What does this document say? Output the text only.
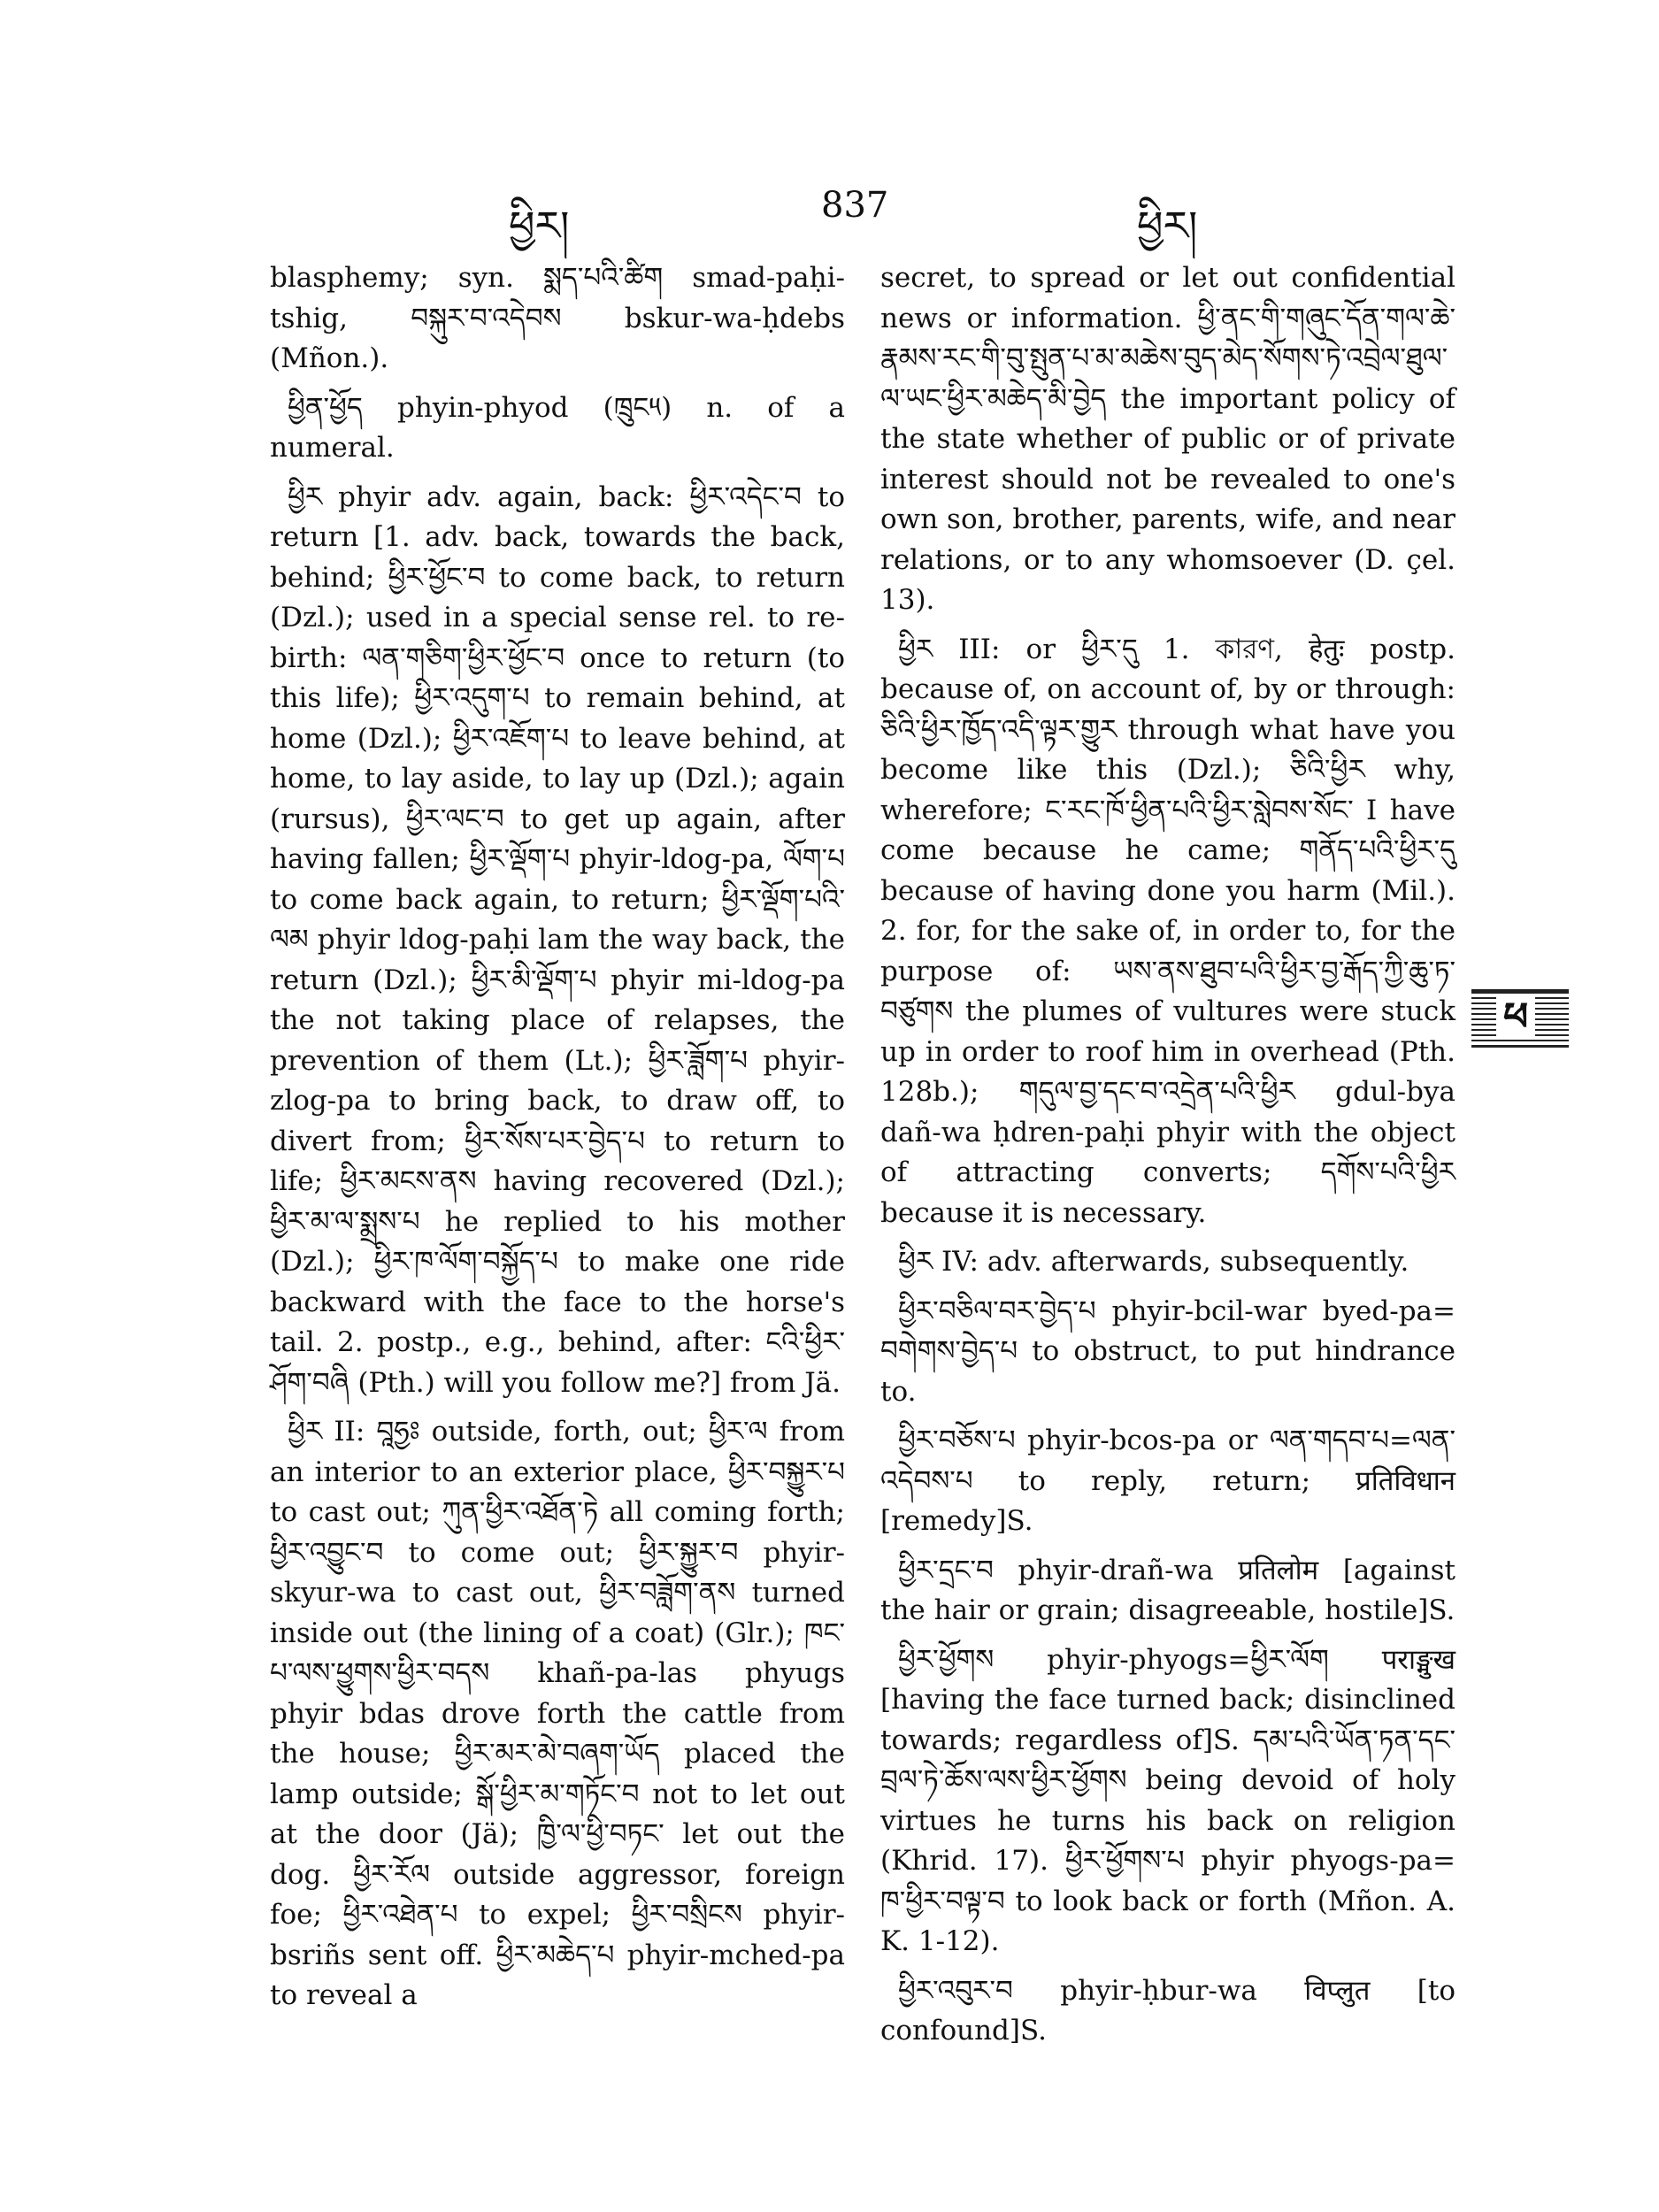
ཕྱིར།	837	ཕྱིར།

blasphemy; syn. སྨད་པའི་ཚིག smad-paḥi-tshig, བསྐུར་བ་འདེབས bskur-wa-ḥdebs (Mñon.).

ཕྱིན་ཕྱོད phyin-phyod (ཁྲུང༥) n. of a numeral.

ཕྱིར phyir adv. again, back: ཕྱིར་འདེང་བ to return [1. adv. back, towards the back, behind; ཕྱིར་ཕྱོང་བ to come back, to return (Dzl.); used in a special sense rel. to re-birth: ལན་གཅིག་ཕྱིར་ཕྱོང་བ once to return (to this life); ཕྱིར་འདུག་པ to remain behind, at home (Dzl.); ཕྱིར་འཇོག་པ to leave behind, at home, to lay aside, to lay up (Dzl.); again (rursus), ཕྱིར་ལང་བ to get up again, after having fallen; ཕྱིར་ལྡོག་པ phyir-ldog-pa, ལོག་པ to come back again, to return; ཕྱིར་ལྡོག་པའི་ལམ phyir ldog-paḥi lam the way back, the return (Dzl.); ཕྱིར་མི་ལྡོག་པ phyir mi-ldog-pa the not taking place of relapses, the prevention of them (Lt.); ཕྱིར་ཟློག་པ phyir-zlog-pa to bring back, to draw off, to divert from; ཕྱིར་སོས་པར་བྱེད་པ to return to life; ཕྱིར་མངས་ནས having recovered (Dzl.); ཕྱིར་མ་ལ་སྨྲས་པ he replied to his mother (Dzl.); ཕྱིར་ཁ་ལོག་བསྐྱོད་པ to make one ride backward with the face to the horse's tail. 2. postp., e.g., behind, after: ངའི་ཕྱིར་ཤོག་བཞི (Pth.) will you follow me?] from Jä.

ཕྱིར II: བཱཧྱཿ outside, forth, out; ཕྱིར་ལ from an interior to an exterior place, ཕྱིར་བསྐྱུར་པ to cast out; ཀུན་ཕྱིར་འཐོན་ཏེ all coming forth; ཕྱིར་འབྱུང་བ to come out; ཕྱིར་སྐྱུར་བ phyir-skyur-wa to cast out, ཕྱིར་བཟློག་ནས turned inside out (the lining of a coat) (Glr.); ཁང་པ་ལས་ཕྱུགས་ཕྱིར་བདས khañ-pa-las phyugs phyir bdas drove forth the cattle from the house; ཕྱིར་མར་མེ་བཞག་ཡོད placed the lamp outside; སྒོ་ཕྱིར་མ་གཏོང་བ not to let out at the door (Jä); ཁྱི་ལ་ཕྱི་བཏང་ let out the dog. ཕྱིར་རོལ outside aggressor, foreign foe; ཕྱིར་འཐེན་པ to expel; ཕྱིར་བསྲིངས phyir-bsriñs sent off. ཕྱིར་མཆེད་པ phyir-mched-pa to reveal a

secret, to spread or let out confidential news or information. ཕྱི་ནང་གི་གཞུང་དོན་གལ་ཆེ་རྣམས་རང་གི་བུ་སྤུན་པ་མ་མཆེས་བུད་མེད་སོགས་ཏེ་འབྲེལ་ཐུལ་ལ་ཡང་ཕྱིར་མཆེད་མི་བྱེད the important policy of the state whether of public or of private interest should not be revealed to one's own son, brother, parents, wife, and near relations, or to any whomsoever (D. çel. 13).

ཕྱིར III: or ཕྱིར་དུ 1. কারণ, हेतुः postp. because of, on account of, by or through: ཅིའི་ཕྱིར་ཁྱོད་འདི་ལྟར་གྱུར through what have you become like this (Dzl.); ཅིའི་ཕྱིར why, wherefore; ང་རང་ཁོ་ཕྱིན་པའི་ཕྱིར་སླེབས་སོང་ I have come because he came; གནོད་པའི་ཕྱིར་དུ because of having done you harm (Mil.). 2. for, for the sake of, in order to, for the purpose of: ཡས་ནས་ཐུབ་པའི་ཕྱིར་བྱ་རྒོད་ཀྱི་ཆུ་ཏ་བཙུགས the plumes of vultures were stuck up in order to roof him in overhead (Pth. 128b.); གདུལ་བྱ་དང་བ་འདྲེན་པའི་ཕྱིར gdul-bya dañ-wa ḥdren-paḥi phyir with the object of attracting converts; དགོས་པའི་ཕྱིར because it is necessary.

ཕྱིར IV: adv. afterwards, subsequently.

ཕྱིར་བཅིལ་བར་བྱེད་པ phyir-bcil-war byed-pa= བགེགས་བྱེད་པ to obstruct, to put hindrance to.

ཕྱིར་བཅོས་པ phyir-bcos-pa or ལན་གདབ་པ=ལན་འདེབས་པ to reply, return; प्रतिविधान [remedy]S.

ཕྱིར་དྲང་བ phyir-drañ-wa प्रतिलोम [against the hair or grain; disagreeable, hostile]S.

ཕྱིར་ཕྱོགས phyir-phyogs=ཕྱིར་ལོག पराङ्मुख [having the face turned back; disinclined towards; regardless of]S. དམ་པའི་ཡོན་ཏན་དང་བྲལ་ཏེ་ཆོས་ལས་ཕྱིར་ཕྱོགས being devoid of holy virtues he turns his back on religion (Khrid. 17). ཕྱིར་ཕྱོགས་པ phyir phyogs-pa= ཁ་ཕྱིར་བལྟ་བ to look back or forth (Mñon. A. K. 1-12).

ཕྱིར་འབུར་བ phyir-ḥbur-wa विप्लुत [to confound]S.

ཕ
